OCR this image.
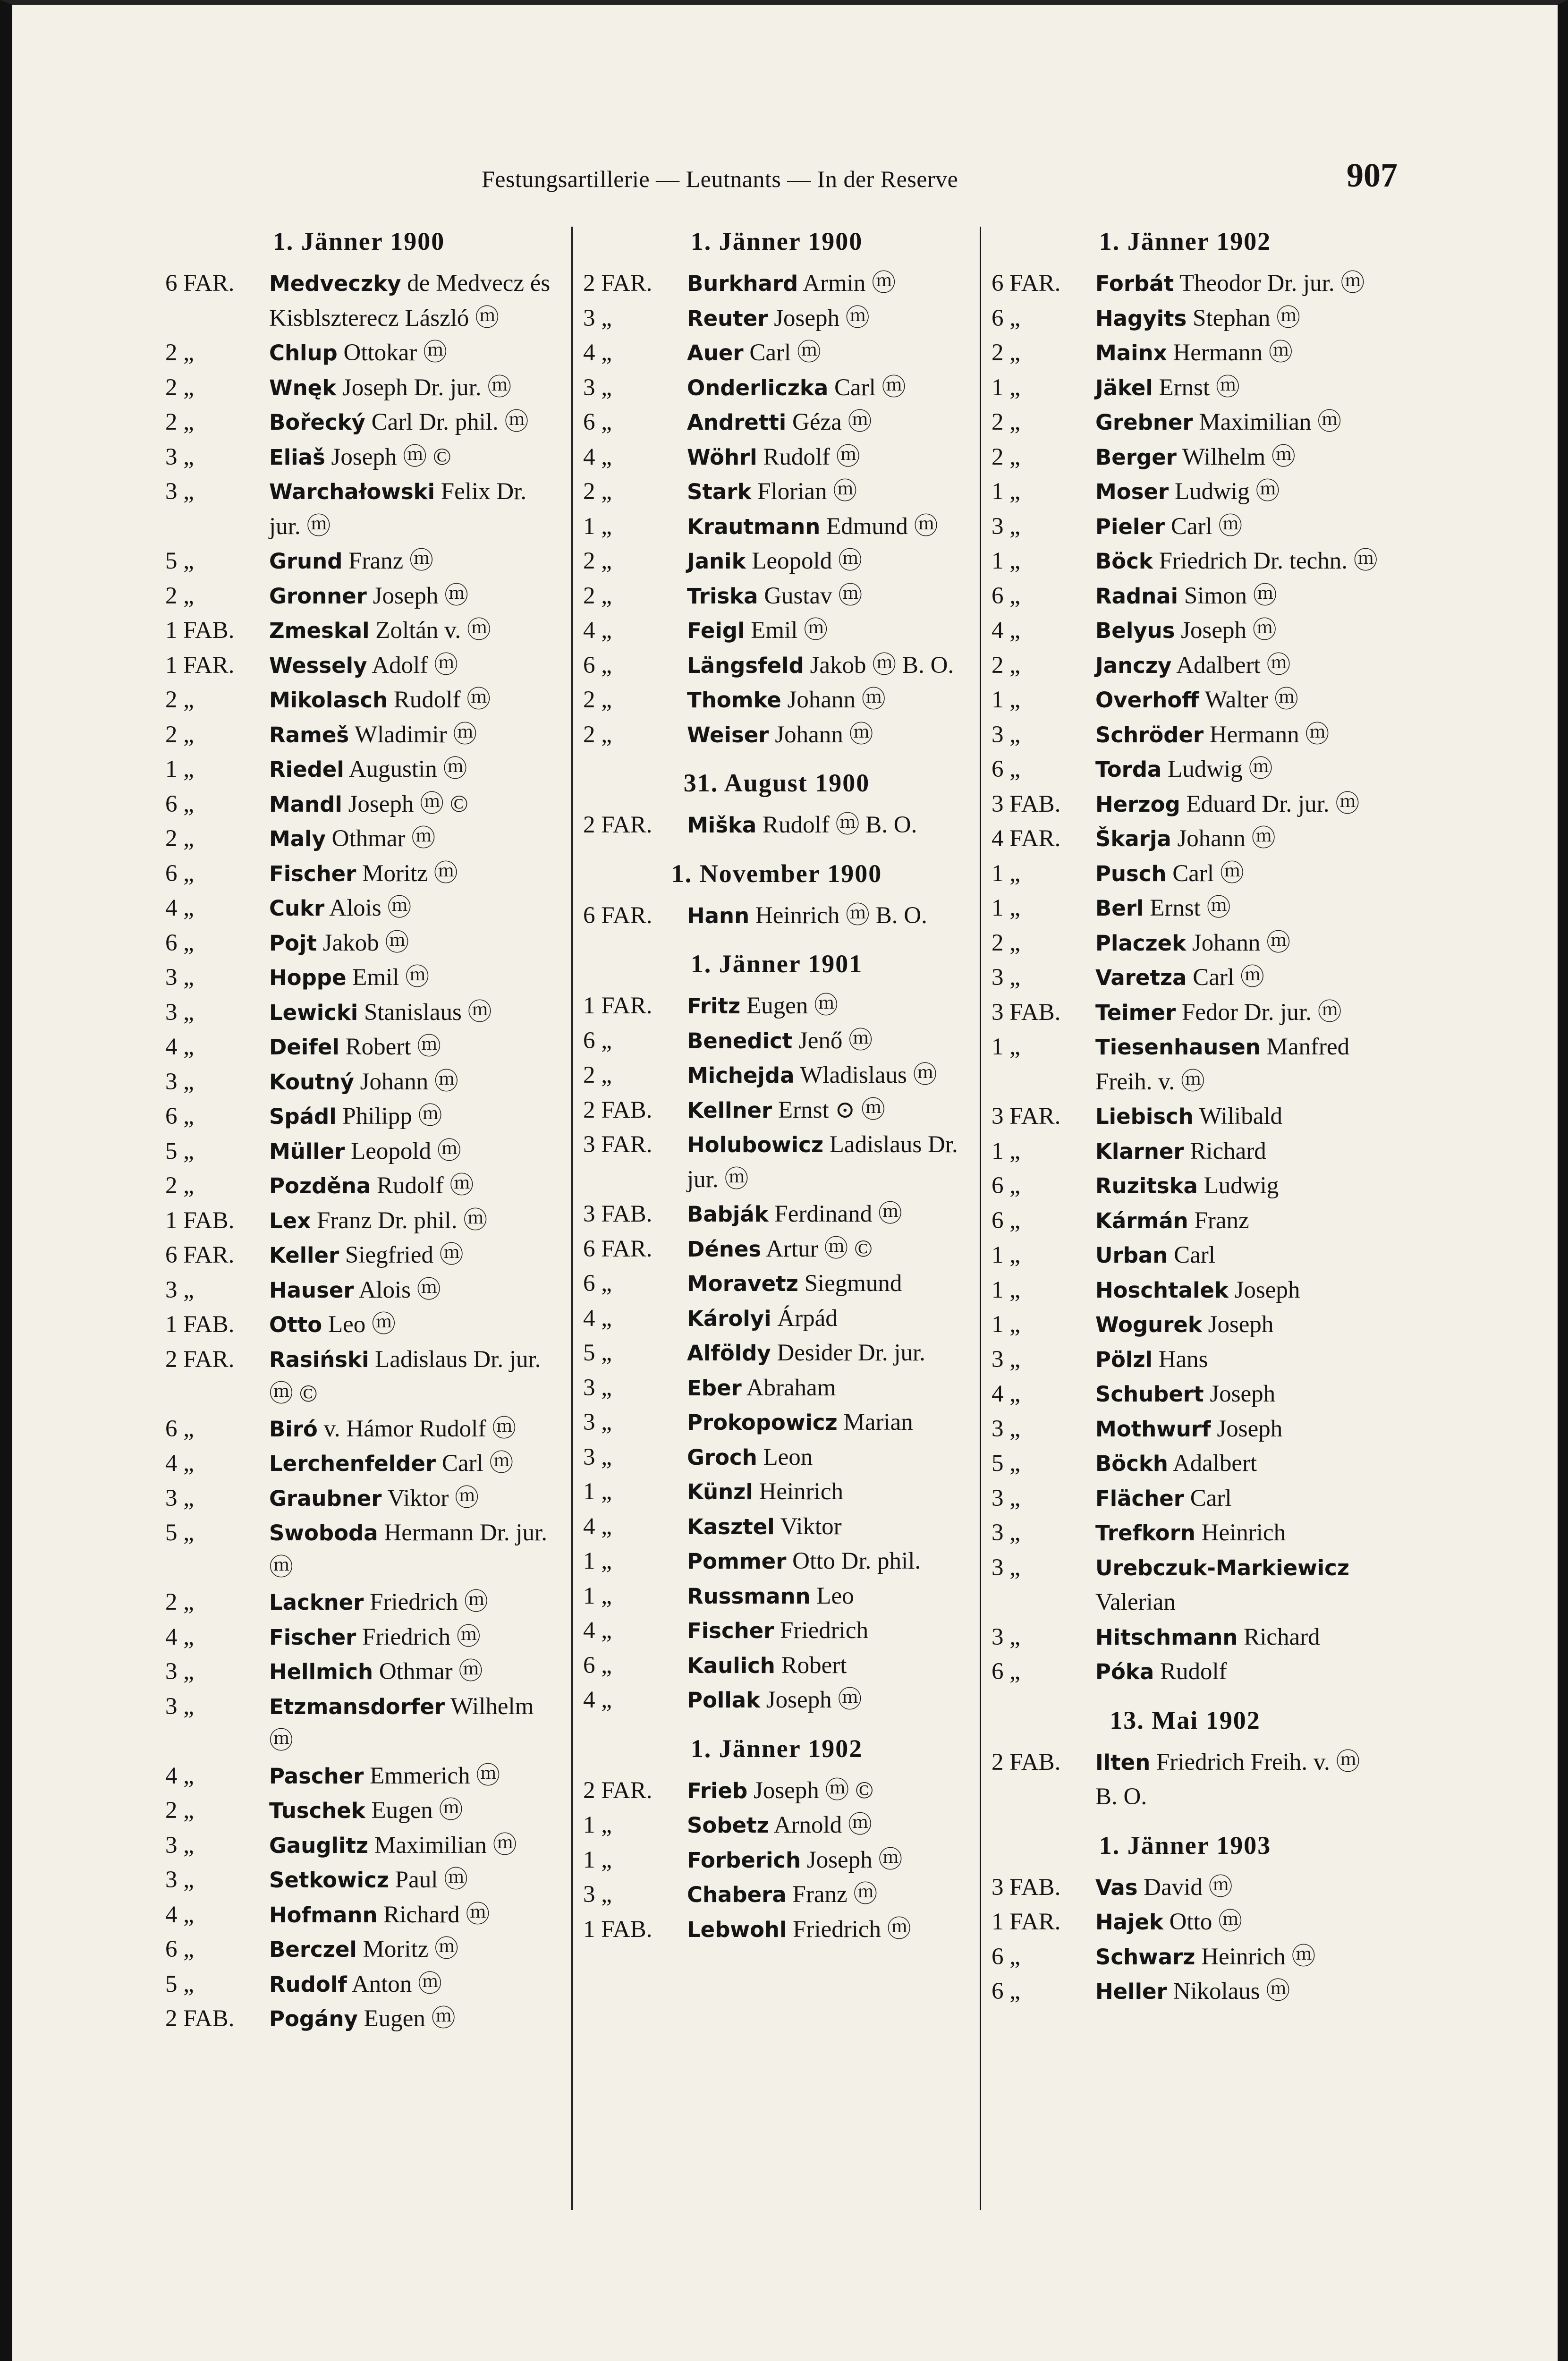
Festungsartillerie — Leutnants — In der Reserve	907
1. Jänner 1900
6 FAR.	Medveczky de Medvecz és Kisblszterecz László ⓜ
2 „	Chlup Ottokar ⓜ
2 „	Wnęk Joseph Dr. jur. ⓜ
2 „	Bořecký Carl Dr. phil. ⓜ
3 „	Eliaš Joseph ⓜ ©
3 „	Warchałowski Felix Dr. jur. ⓜ
5 „	Grund Franz ⓜ
2 „	Gronner Joseph ⓜ
1 FAB.	Zmeskal Zoltán v. ⓜ
1 FAR.	Wessely Adolf ⓜ
2 „	Mikolasch Rudolf ⓜ
2 „	Rameš Wladimir ⓜ
1 „	Riedel Augustin ⓜ
6 „	Mandl Joseph ⓜ ©
2 „	Maly Othmar ⓜ
6 „	Fischer Moritz ⓜ
4 „	Cukr Alois ⓜ
6 „	Pojt Jakob ⓜ
3 „	Hoppe Emil ⓜ
3 „	Lewicki Stanislaus ⓜ
4 „	Deifel Robert ⓜ
3 „	Koutný Johann ⓜ
6 „	Spádl Philipp ⓜ
5 „	Müller Leopold ⓜ
2 „	Pozděna Rudolf ⓜ
1 FAB.	Lex Franz Dr. phil. ⓜ
6 FAR.	Keller Siegfried ⓜ
3 „	Hauser Alois ⓜ
1 FAB.	Otto Leo ⓜ
2 FAR.	Rasiński Ladislaus Dr. jur. ⓜ ©
6 „	Biró v. Hámor Rudolf ⓜ
4 „	Lerchenfelder Carl ⓜ
3 „	Graubner Viktor ⓜ
5 „	Swoboda Hermann Dr. jur. ⓜ
2 „	Lackner Friedrich ⓜ
4 „	Fischer Friedrich ⓜ
3 „	Hellmich Othmar ⓜ
3 „	Etzmansdorfer Wilhelm ⓜ
4 „	Pascher Emmerich ⓜ
2 „	Tuschek Eugen ⓜ
3 „	Gauglitz Maximilian ⓜ
3 „	Setkowicz Paul ⓜ
4 „	Hofmann Richard ⓜ
6 „	Berczel Moritz ⓜ
5 „	Rudolf Anton ⓜ
2 FAB.	Pogány Eugen ⓜ
1. Jänner 1900
2 FAR.	Burkhard Armin ⓜ
3 „	Reuter Joseph ⓜ
4 „	Auer Carl ⓜ
3 „	Onderliczka Carl ⓜ
6 „	Andretti Géza ⓜ
4 „	Wöhrl Rudolf ⓜ
2 „	Stark Florian ⓜ
1 „	Krautmann Edmund ⓜ
2 „	Janik Leopold ⓜ
2 „	Triska Gustav ⓜ
4 „	Feigl Emil ⓜ
6 „	Längsfeld Jakob ⓜ B. O.
2 „	Thomke Johann ⓜ
2 „	Weiser Johann ⓜ
31. August 1900
2 FAR.	Miška Rudolf ⓜ B. O.
1. November 1900
6 FAR.	Hann Heinrich ⓜ B. O.
1. Jänner 1901
1 FAR.	Fritz Eugen ⓜ
6 „	Benedict Jenő ⓜ
2 „	Michejda Wladislaus ⓜ
2 FAB.	Kellner Ernst ⊙ ⓜ
3 FAR.	Holubowicz Ladislaus Dr. jur. ⓜ
3 FAB.	Babják Ferdinand ⓜ
6 FAR.	Dénes Artur ⓜ ©
6 „	Moravetz Siegmund
4 „	Károlyi Árpád
5 „	Alföldy Desider Dr. jur.
3 „	Eber Abraham
3 „	Prokopowicz Marian
3 „	Groch Leon
1 „	Künzl Heinrich
4 „	Kasztel Viktor
1 „	Pommer Otto Dr. phil.
1 „	Russmann Leo
4 „	Fischer Friedrich
6 „	Kaulich Robert
4 „	Pollak Joseph ⓜ
1. Jänner 1902
2 FAR.	Frieb Joseph ⓜ ©
1 „	Sobetz Arnold ⓜ
1 „	Forberich Joseph ⓜ
3 „	Chabera Franz ⓜ
1 FAB.	Lebwohl Friedrich ⓜ
1. Jänner 1902
6 FAR.	Forbát Theodor Dr. jur. ⓜ
6 „	Hagyits Stephan ⓜ
2 „	Mainx Hermann ⓜ
1 „	Jäkel Ernst ⓜ
2 „	Grebner Maximilian ⓜ
2 „	Berger Wilhelm ⓜ
1 „	Moser Ludwig ⓜ
3 „	Pieler Carl ⓜ
1 „	Böck Friedrich Dr. techn. ⓜ
6 „	Radnai Simon ⓜ
4 „	Belyus Joseph ⓜ
2 „	Janczy Adalbert ⓜ
1 „	Overhoff Walter ⓜ
3 „	Schröder Hermann ⓜ
6 „	Torda Ludwig ⓜ
3 FAB.	Herzog Eduard Dr. jur. ⓜ
4 FAR.	Škarja Johann ⓜ
1 „	Pusch Carl ⓜ
1 „	Berl Ernst ⓜ
2 „	Placzek Johann ⓜ
3 „	Varetza Carl ⓜ
3 FAB.	Teimer Fedor Dr. jur. ⓜ
1 „	Tiesenhausen Manfred Freih. v. ⓜ
3 FAR.	Liebisch Wilibald
1 „	Klarner Richard
6 „	Ruzitska Ludwig
6 „	Kármán Franz
1 „	Urban Carl
1 „	Hoschtalek Joseph
1 „	Wogurek Joseph
3 „	Pölzl Hans
4 „	Schubert Joseph
3 „	Mothwurf Joseph
5 „	Böckh Adalbert
3 „	Flächer Carl
3 „	Trefkorn Heinrich
3 „	Urebczuk-Markiewicz Valerian
3 „	Hitschmann Richard
6 „	Póka Rudolf
13. Mai 1902
2 FAB.	Ilten Friedrich Freih. v. ⓜ B. O.
1. Jänner 1903
3 FAB.	Vas David ⓜ
1 FAR.	Hajek Otto ⓜ
6 „	Schwarz Heinrich ⓜ
6 „	Heller Nikolaus ⓜ
